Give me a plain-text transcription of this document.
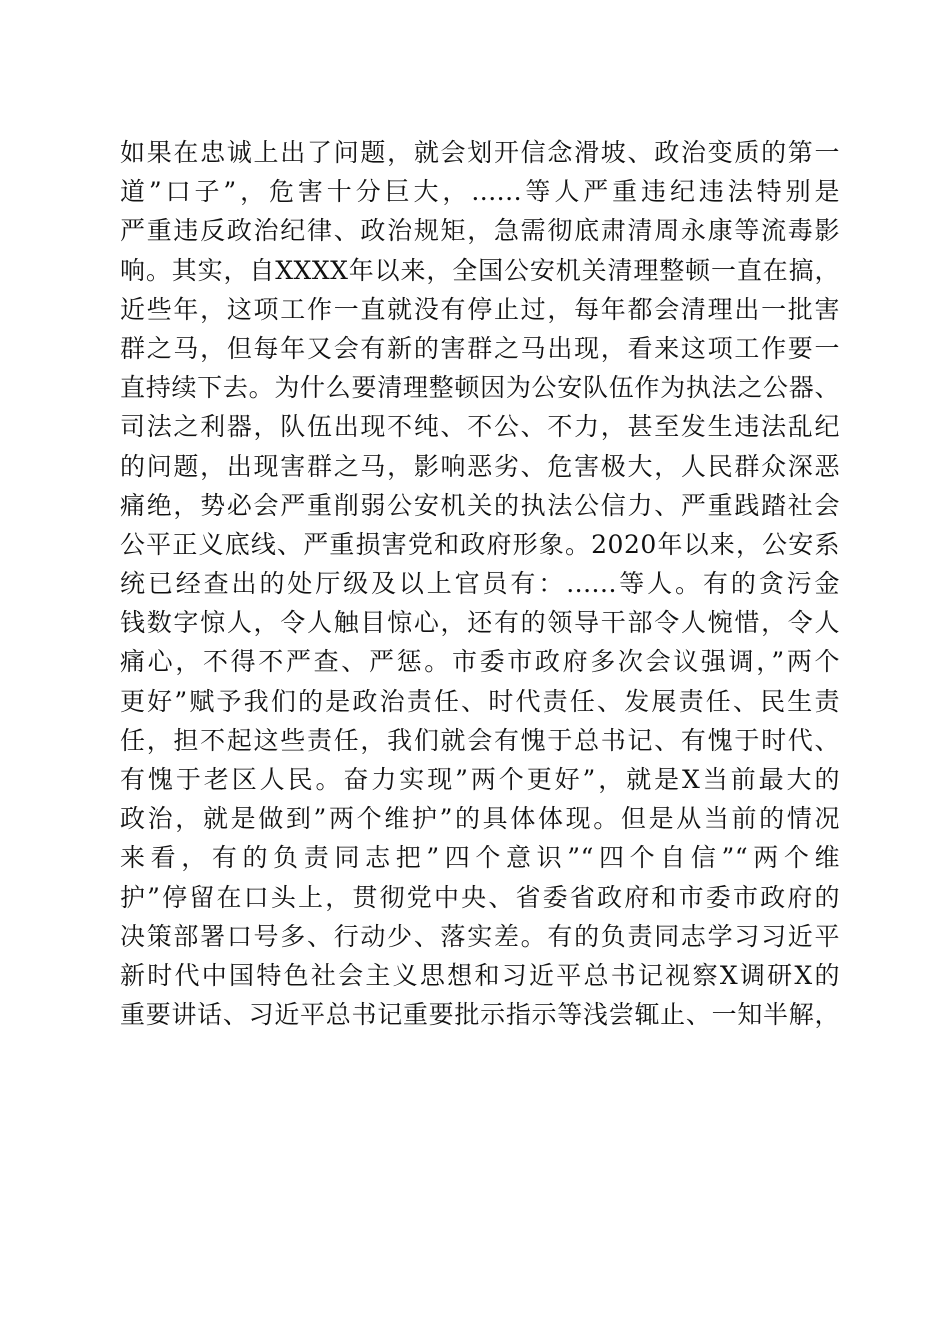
如果在忠诚上出了问题，就会划开信念滑坡、政治变质的第一
道”口子”，危害十分巨大，......等人严重违纪违法特别是
严重违反政治纪律、政治规矩，急需彻底肃清周永康等流毒影
响。其实，自XXXX年以来，全国公安机关清理整顿一直在搞，
近些年，这项工作一直就没有停止过，每年都会清理出一批害
群之马，但每年又会有新的害群之马出现，看来这项工作要一
直持续下去。为什么要清理整顿因为公安队伍作为执法之公器、
司法之利器，队伍出现不纯、不公、不力，甚至发生违法乱纪
的问题，出现害群之马，影响恶劣、危害极大，人民群众深恶
痛绝，势必会严重削弱公安机关的执法公信力、严重践踏社会
公平正义底线、严重损害党和政府形象。2020年以来，公安系
统已经查出的处厅级及以上官员有：......等人。有的贪污金
钱数字惊人，令人触目惊心，还有的领导干部令人惋惜，令人
痛心，不得不严查、严惩。市委市政府多次会议强调，”两个
更好”赋予我们的是政治责任、时代责任、发展责任、民生责
任，担不起这些责任，我们就会有愧于总书记、有愧于时代、
有愧于老区人民。奋力实现”两个更好”，就是X当前最大的
政治，就是做到”两个维护”的具体体现。但是从当前的情况
来看，有的负责同志把”四个意识”“四个自信”“两个维
护”停留在口头上，贯彻党中央、省委省政府和市委市政府的
决策部署口号多、行动少、落实差。有的负责同志学习习近平
新时代中国特色社会主义思想和习近平总书记视察X调研X的
重要讲话、习近平总书记重要批示指示等浅尝辄止、一知半解，
